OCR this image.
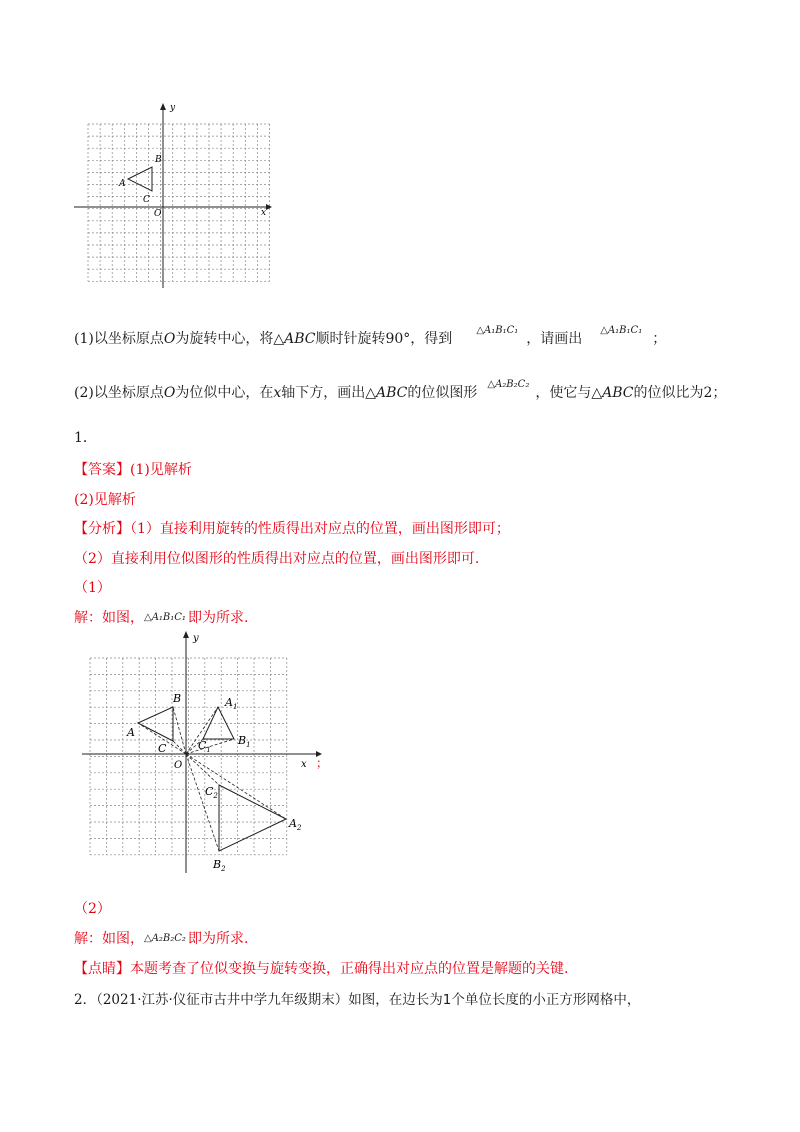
y
x
O
A
B
C
(1)以坐标原点O为旋转中心，将△ABC顺时针旋转90°，得到$^{\triangle A_1B_1C_1}$，请画出$^{\triangle A_1B_1C_1}$；
(2)以坐标原点O为位似中心，在x轴下方，画出△ABC的位似图形$^{\triangle A_2B_2C_2}$，使它与△ABC的位似比为2；
1．
【答案】(1)见解析
(2)见解析
【分析】（1）直接利用旋转的性质得出对应点的位置，画出图形即可；
（2）直接利用位似图形的性质得出对应点的位置，画出图形即可.
（1）
解：如图，△A₁B₁C₁ 即为所求.
y
x
O
A
B
C
$A_1$
$B_1$
$C_1$
$A_2$
$B_2$
$C_2$
；
（2）
解：如图，△A₂B₂C₂ 即为所求.
【点睛】本题考查了位似变换与旋转变换，正确得出对应点的位置是解题的关键.
2．（2021·江苏·仪征市古井中学九年级期末）如图，在边长为1个单位长度的小正方形网格中，
